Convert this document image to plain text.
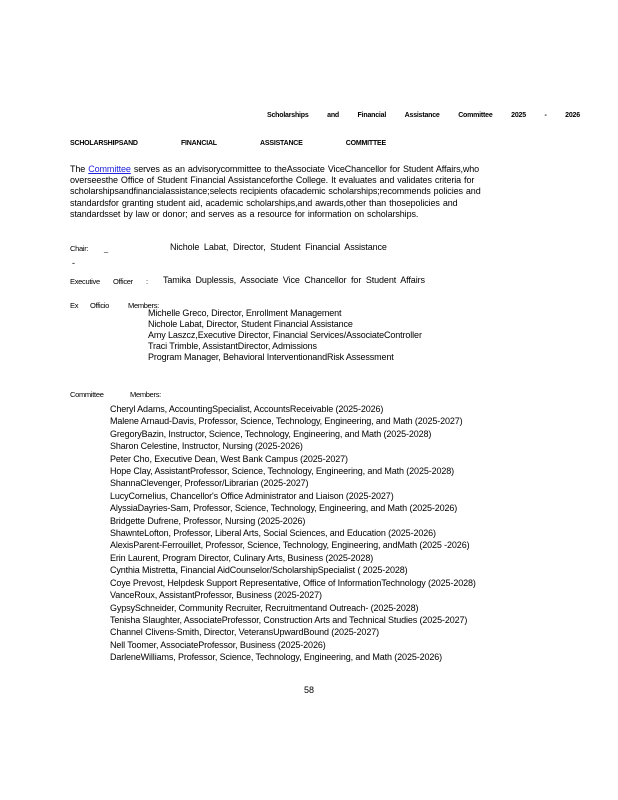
Scholarships	and	Financial	Assistance	Committee	2025	-	2026
SCHOLARSHIPSAND	FINANCIAL	ASSISTANCE	COMMITTEE
The Committee serves as an advisorycommittee to theAssociate ViceChancellor for Student Affairs,who
overseesthe Office of Student Financial Assistanceforthe College. It evaluates and validates criteria for
scholarshipsandfinancialassistance;selects recipients ofacademic scholarships;recommends policies and
standardsfor granting student aid, academic scholarships,and awards,other than thosepolicies and
standardsset by law or donor; and serves as a resource for information on scholarships.
Chair: _	Nichole Labat, Director, Student Financial Assistance
-
Executive Officer : Tamika Duplessis, Associate Vice Chancellor for Student Affairs
Ex Officio	Members:
Michelle Greco, Director, Enrollment Management
Nichole Labat, Director, Student Financial Assistance
Amy Laszcz,Executive Director, Financial Services/AssociateController
Traci Trimble, AssistantDirector, Admissions
Program Manager, Behavioral InterventionandRisk Assessment
Committee	Members:
Cheryl Adams, AccountingSpecialist, AccountsReceivable (2025-2026)
Malene Arnaud-Davis, Professor, Science, Technology, Engineering, and Math (2025-2027)
GregoryBazin, Instructor, Science, Technology, Engineering, and Math (2025-2028)
Sharon Celestine, Instructor, Nursing (2025-2026)
Peter Cho, Executive Dean, West Bank Campus (2025-2027)
Hope Clay, AssistantProfessor, Science, Technology, Engineering, and Math (2025-2028)
ShannaClevenger, Professor/Librarian (2025-2027)
LucyCornelius, Chancellor's Office Administrator and Liaison (2025-2027)
AlyssiaDayries-Sam, Professor, Science, Technology, Engineering, and Math (2025-2026)
Bridgette Dufrene, Professor, Nursing (2025-2026)
ShawnteLofton, Professor, Liberal Arts, Social Sciences, and Education (2025-2026)
AlexisParent-Ferrouillet, Professor, Science, Technology, Engineering, andMath (2025 -2026)
Erin Laurent, Program Director, Culinary Arts, Business (2025-2028)
Cynthia Mistretta, Financial AidCounselor/ScholarshipSpecialist ( 2025-2028)
Coye Prevost, Helpdesk Support Representative, Office of InformationTechnology (2025-2028)
VanceRoux, AssistantProfessor, Business (2025-2027)
GypsySchneider, Community Recruiter, Recruitmentand Outreach- (2025-2028)
Tenisha Slaughter, AssociateProfessor, Construction Arts and Technical Studies (2025-2027)
Channel Clivens-Smith, Director, VeteransUpwardBound (2025-2027)
Nell Toomer, AssociateProfessor, Business (2025-2026)
DarleneWilliams, Professor, Science, Technology, Engineering, and Math (2025-2026)
58
